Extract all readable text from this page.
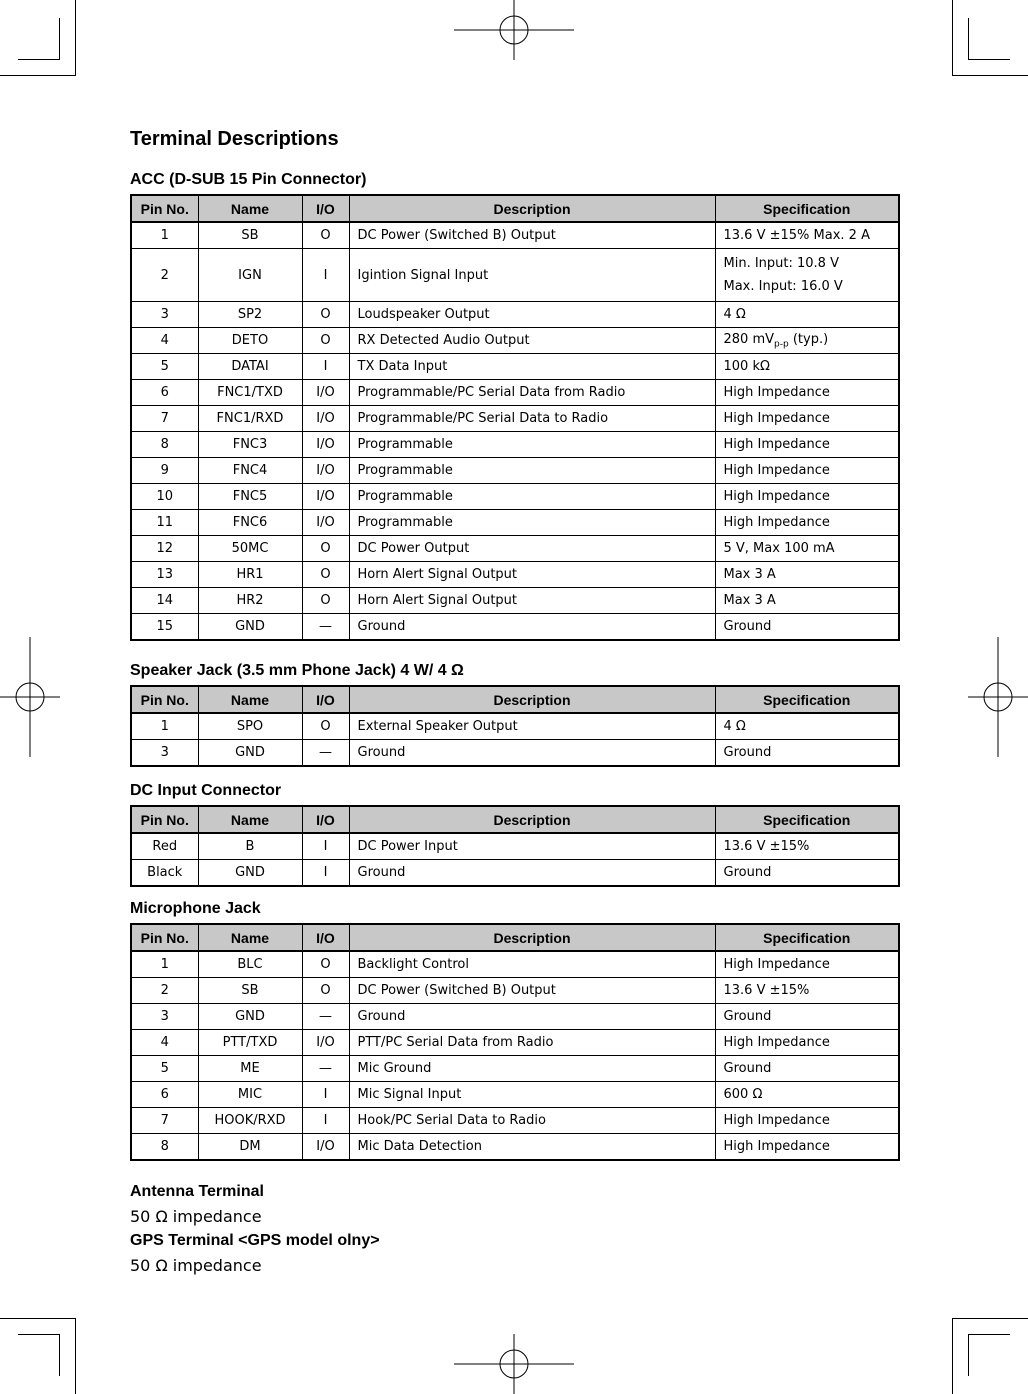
Terminal Descriptions
ACC (D-SUB 15 Pin Connector)
Pin No.	Name	I/O	Description	Specification
1	SB	O	DC Power (Switched B) Output	13.6 V ±15% Max. 2 A
2	IGN	I	Igintion Signal Input	Min. Input: 10.8 V
Max. Input: 16.0 V
3	SP2	O	Loudspeaker Output	4 Ω
4	DETO	O	RX Detected Audio Output	280 $mV_{p-p}$ (typ.)
5	DATAI	I	TX Data Input	100 kΩ
6	FNC1/TXD	I/O	Programmable/PC Serial Data from Radio	High Impedance
7	FNC1/RXD	I/O	Programmable/PC Serial Data to Radio	High Impedance
8	FNC3	I/O	Programmable	High Impedance
9	FNC4	I/O	Programmable	High Impedance
10	FNC5	I/O	Programmable	High Impedance
11	FNC6	I/O	Programmable	High Impedance
12	50MC	O	DC Power Output	5 V, Max 100 mA
13	HR1	O	Horn Alert Signal Output	Max 3 A
14	HR2	O	Horn Alert Signal Output	Max 3 A
15	GND	—	Ground	Ground
Speaker Jack (3.5 mm Phone Jack) 4 W/ 4 Ω
Pin No.	Name	I/O	Description	Specification
1	SPO	O	External Speaker Output	4 Ω
3	GND	—	Ground	Ground
DC Input Connector
Pin No.	Name	I/O	Description	Specification
Red	B	I	DC Power Input	13.6 V ±15%
Black	GND	I	Ground	Ground
Microphone Jack
Pin No.	Name	I/O	Description	Specification
1	BLC	O	Backlight Control	High Impedance
2	SB	O	DC Power (Switched B) Output	13.6 V ±15%
3	GND	—	Ground	Ground
4	PTT/TXD	I/O	PTT/PC Serial Data from Radio	High Impedance
5	ME	—	Mic Ground	Ground
6	MIC	I	Mic Signal Input	600 Ω
7	HOOK/RXD	I	Hook/PC Serial Data to Radio	High Impedance
8	DM	I/O	Mic Data Detection	High Impedance
Antenna Terminal

50 Ω impedance

GPS Terminal <GPS model olny>

50 Ω impedance
